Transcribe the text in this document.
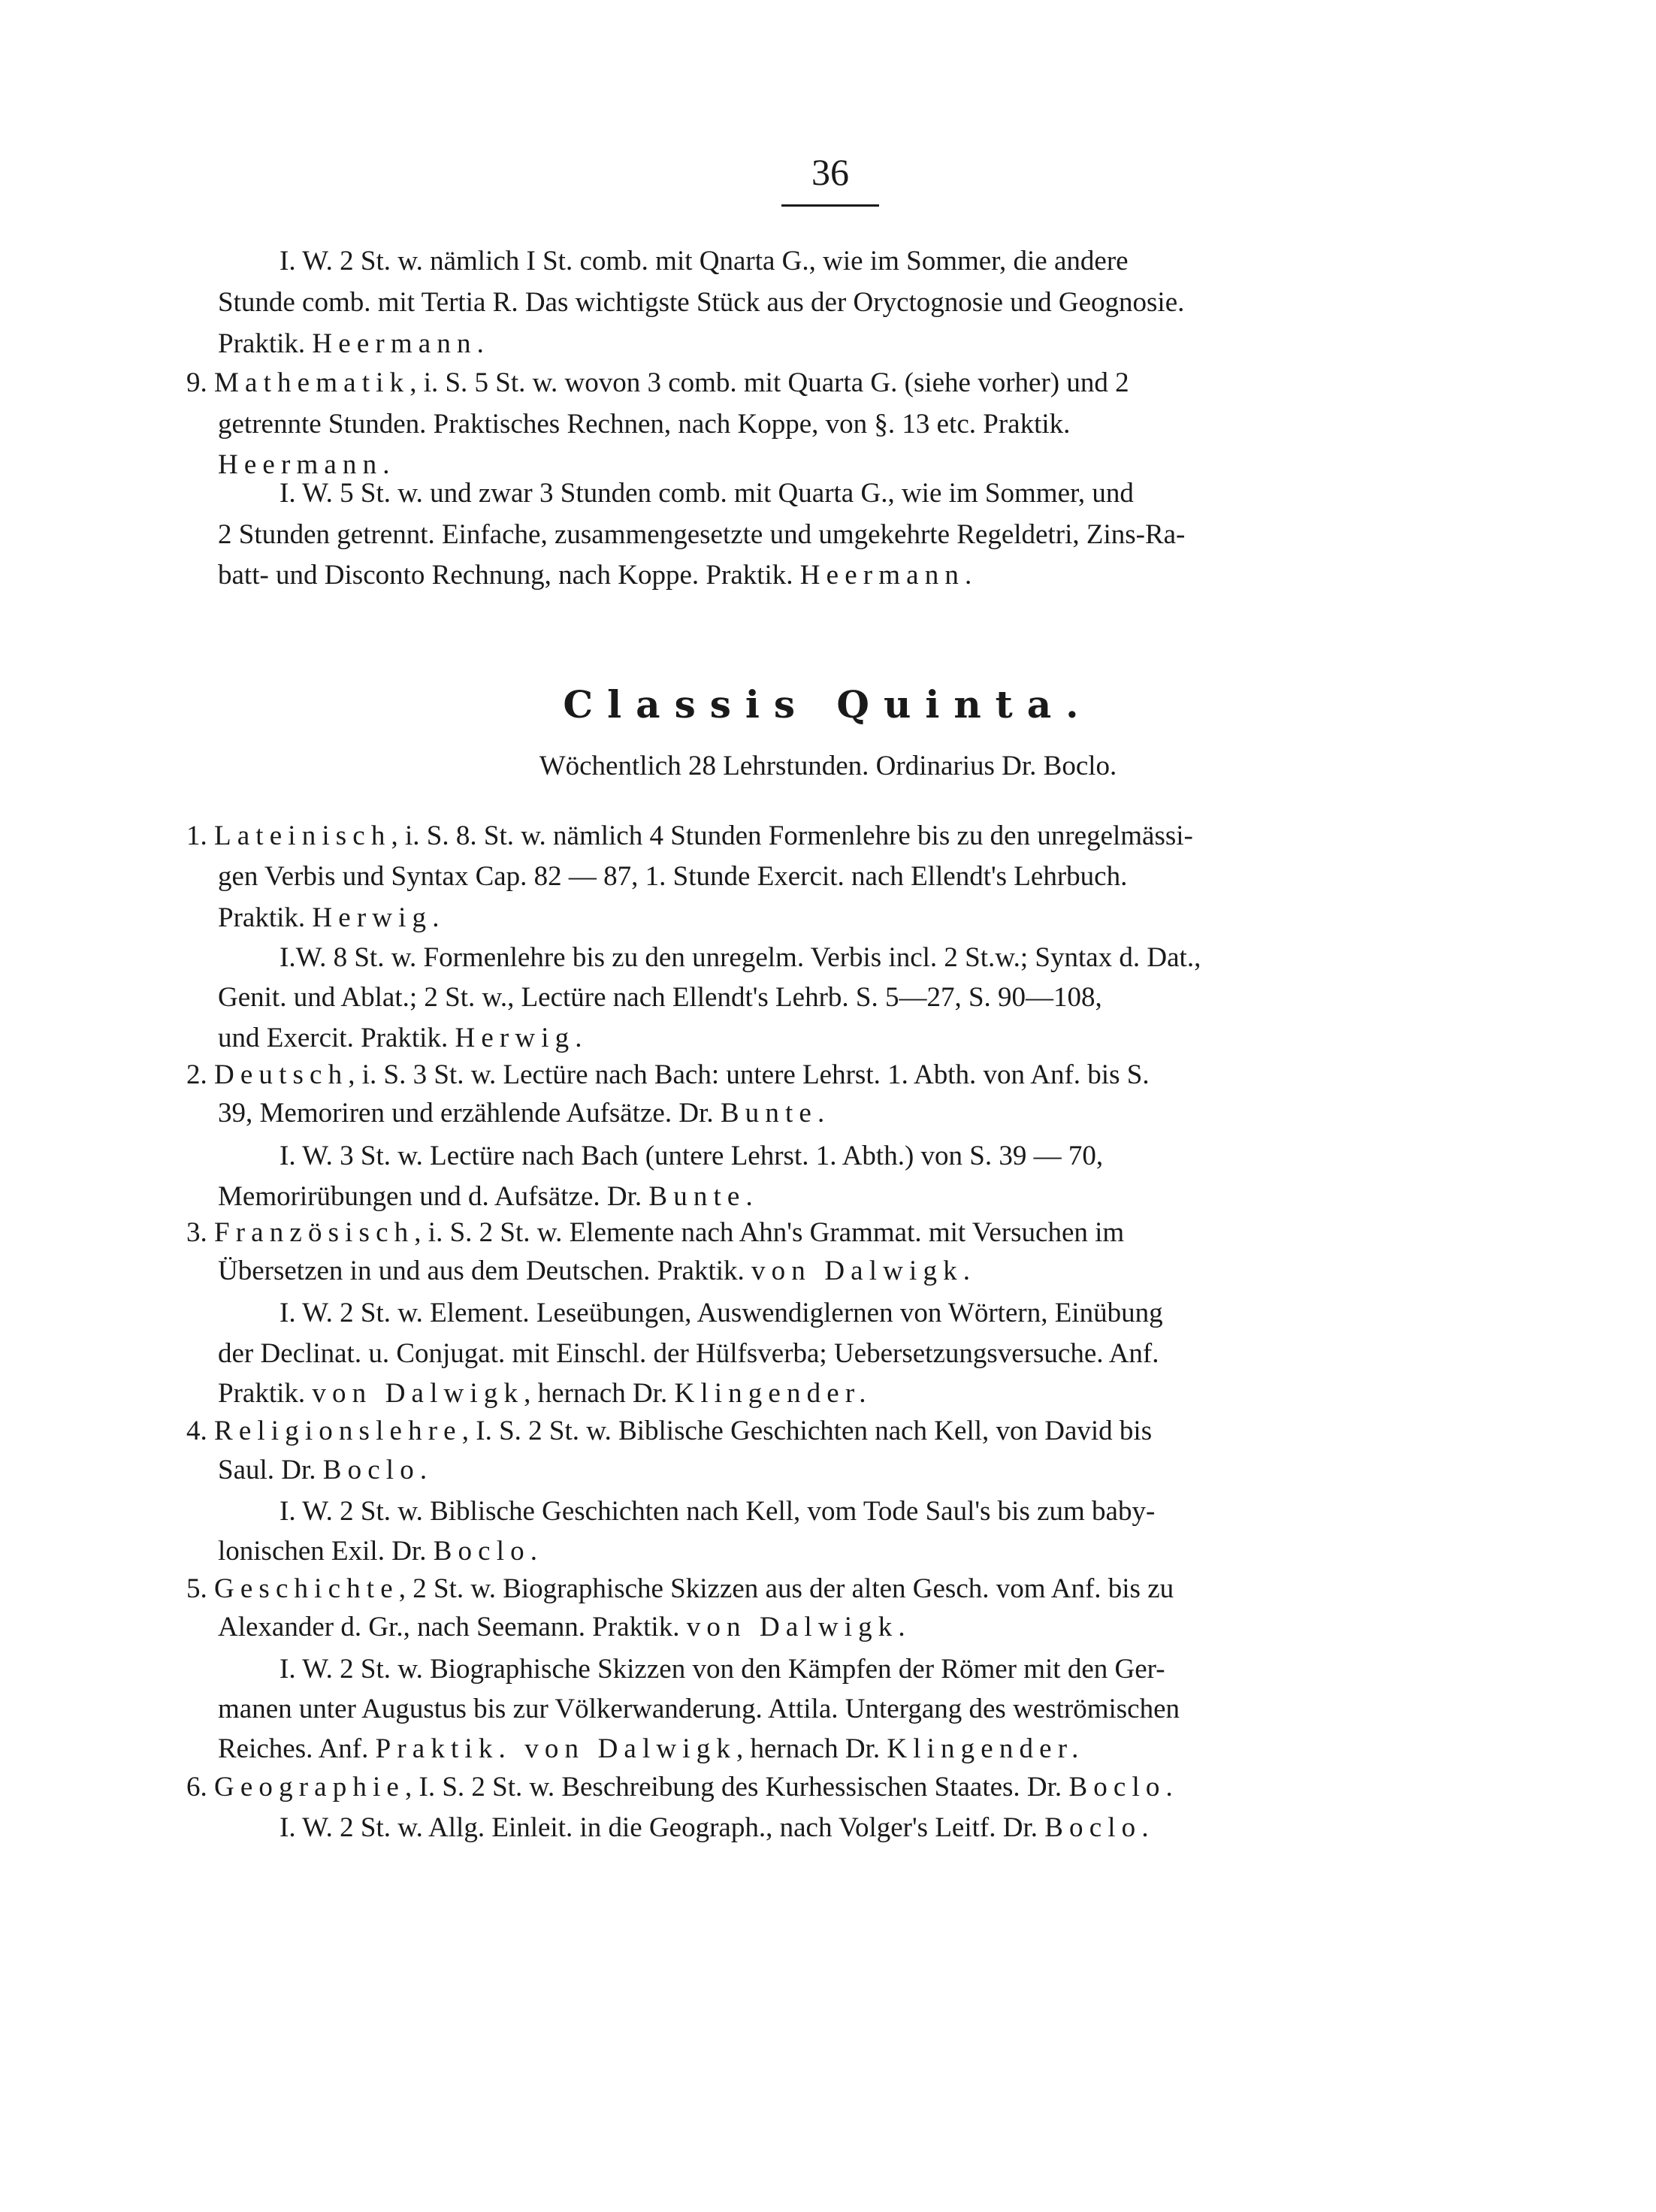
36
I. W. 2 St. w. nämlich I St. comb. mit Qnarta G., wie im Sommer, die andere
Stunde comb. mit Tertia R. Das wichtigste Stück aus der Oryctognosie und Geognosie.
Praktik. Heermann.
9. Mathematik, i. S. 5 St. w. wovon 3 comb. mit Quarta G. (siehe vorher) und 2
getrennte Stunden. Praktisches Rechnen, nach Koppe, von §. 13 etc. Praktik.
Heermann.
I. W. 5 St. w. und zwar 3 Stunden comb. mit Quarta G., wie im Sommer, und
2 Stunden getrennt. Einfache, zusammengesetzte und umgekehrte Regeldetri, Zins-Ra-
batt- und Disconto Rechnung, nach Koppe. Praktik. Heermann.
Classis Quinta.
Wöchentlich 28 Lehrstunden. Ordinarius Dr. Boclo.
1. Lateinisch, i. S. 8. St. w. nämlich 4 Stunden Formenlehre bis zu den unregelmässi-
gen Verbis und Syntax Cap. 82 — 87, 1. Stunde Exercit. nach Ellendt's Lehrbuch.
Praktik. Herwig.
I.W. 8 St. w. Formenlehre bis zu den unregelm. Verbis incl. 2 St.w.; Syntax d. Dat.,
Genit. und Ablat.; 2 St. w., Lectüre nach Ellendt's Lehrb. S. 5—27, S. 90—108,
und Exercit. Praktik. Herwig.
2. Deutsch, i. S. 3 St. w. Lectüre nach Bach: untere Lehrst. 1. Abth. von Anf. bis S.
39, Memoriren und erzählende Aufsätze. Dr. Bunte.
I. W. 3 St. w. Lectüre nach Bach (untere Lehrst. 1. Abth.) von S. 39 — 70,
Memorirübungen und d. Aufsätze. Dr. Bunte.
3. Französisch, i. S. 2 St. w. Elemente nach Ahn's Grammat. mit Versuchen im
Übersetzen in und aus dem Deutschen. Praktik. von Dalwigk.
I. W. 2 St. w. Element. Leseübungen, Auswendiglernen von Wörtern, Einübung
der Declinat. u. Conjugat. mit Einschl. der Hülfsverba; Uebersetzungsversuche. Anf.
Praktik. von Dalwigk, hernach Dr. Klingender.
4. Religionslehre, I. S. 2 St. w. Biblische Geschichten nach Kell, von David bis
Saul. Dr. Boclo.
I. W. 2 St. w. Biblische Geschichten nach Kell, vom Tode Saul's bis zum baby-
lonischen Exil. Dr. Boclo.
5. Geschichte, 2 St. w. Biographische Skizzen aus der alten Gesch. vom Anf. bis zu
Alexander d. Gr., nach Seemann. Praktik. von Dalwigk.
I. W. 2 St. w. Biographische Skizzen von den Kämpfen der Römer mit den Ger-
manen unter Augustus bis zur Völkerwanderung. Attila. Untergang des weströmischen
Reiches. Anf. Praktik. von Dalwigk, hernach Dr. Klingender.
6. Geographie, I. S. 2 St. w. Beschreibung des Kurhessischen Staates. Dr. Boclo.
I. W. 2 St. w. Allg. Einleit. in die Geograph., nach Volger's Leitf. Dr. Boclo.
